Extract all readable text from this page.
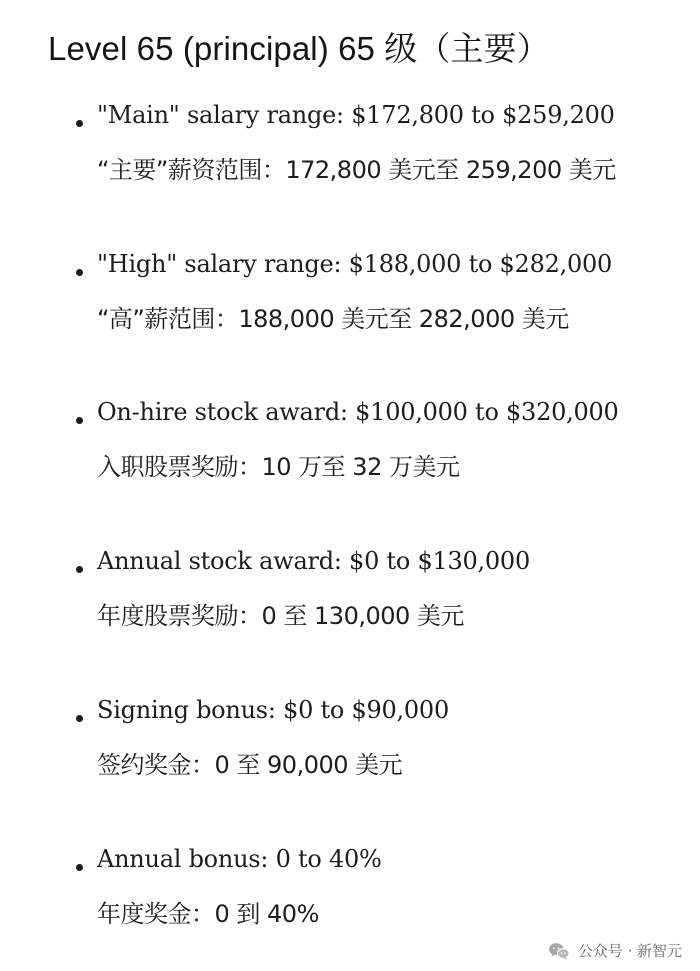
Level 65 (principal) 65 级（主要）
"Main" salary range: $172,800 to $259,200
“主要”薪资范围：172,800 美元至 259,200 美元
"High" salary range: $188,000 to $282,000
“高”薪范围：188,000 美元至 282,000 美元
On-hire stock award: $100,000 to $320,000
入职股票奖励：10 万至 32 万美元
Annual stock award: $0 to $130,000
年度股票奖励：0 至 130,000 美元
Signing bonus: $0 to $90,000
签约奖金：0 至 90,000 美元
Annual bonus: 0 to 40%
年度奖金：0 到 40%
公众号 · 新智元
